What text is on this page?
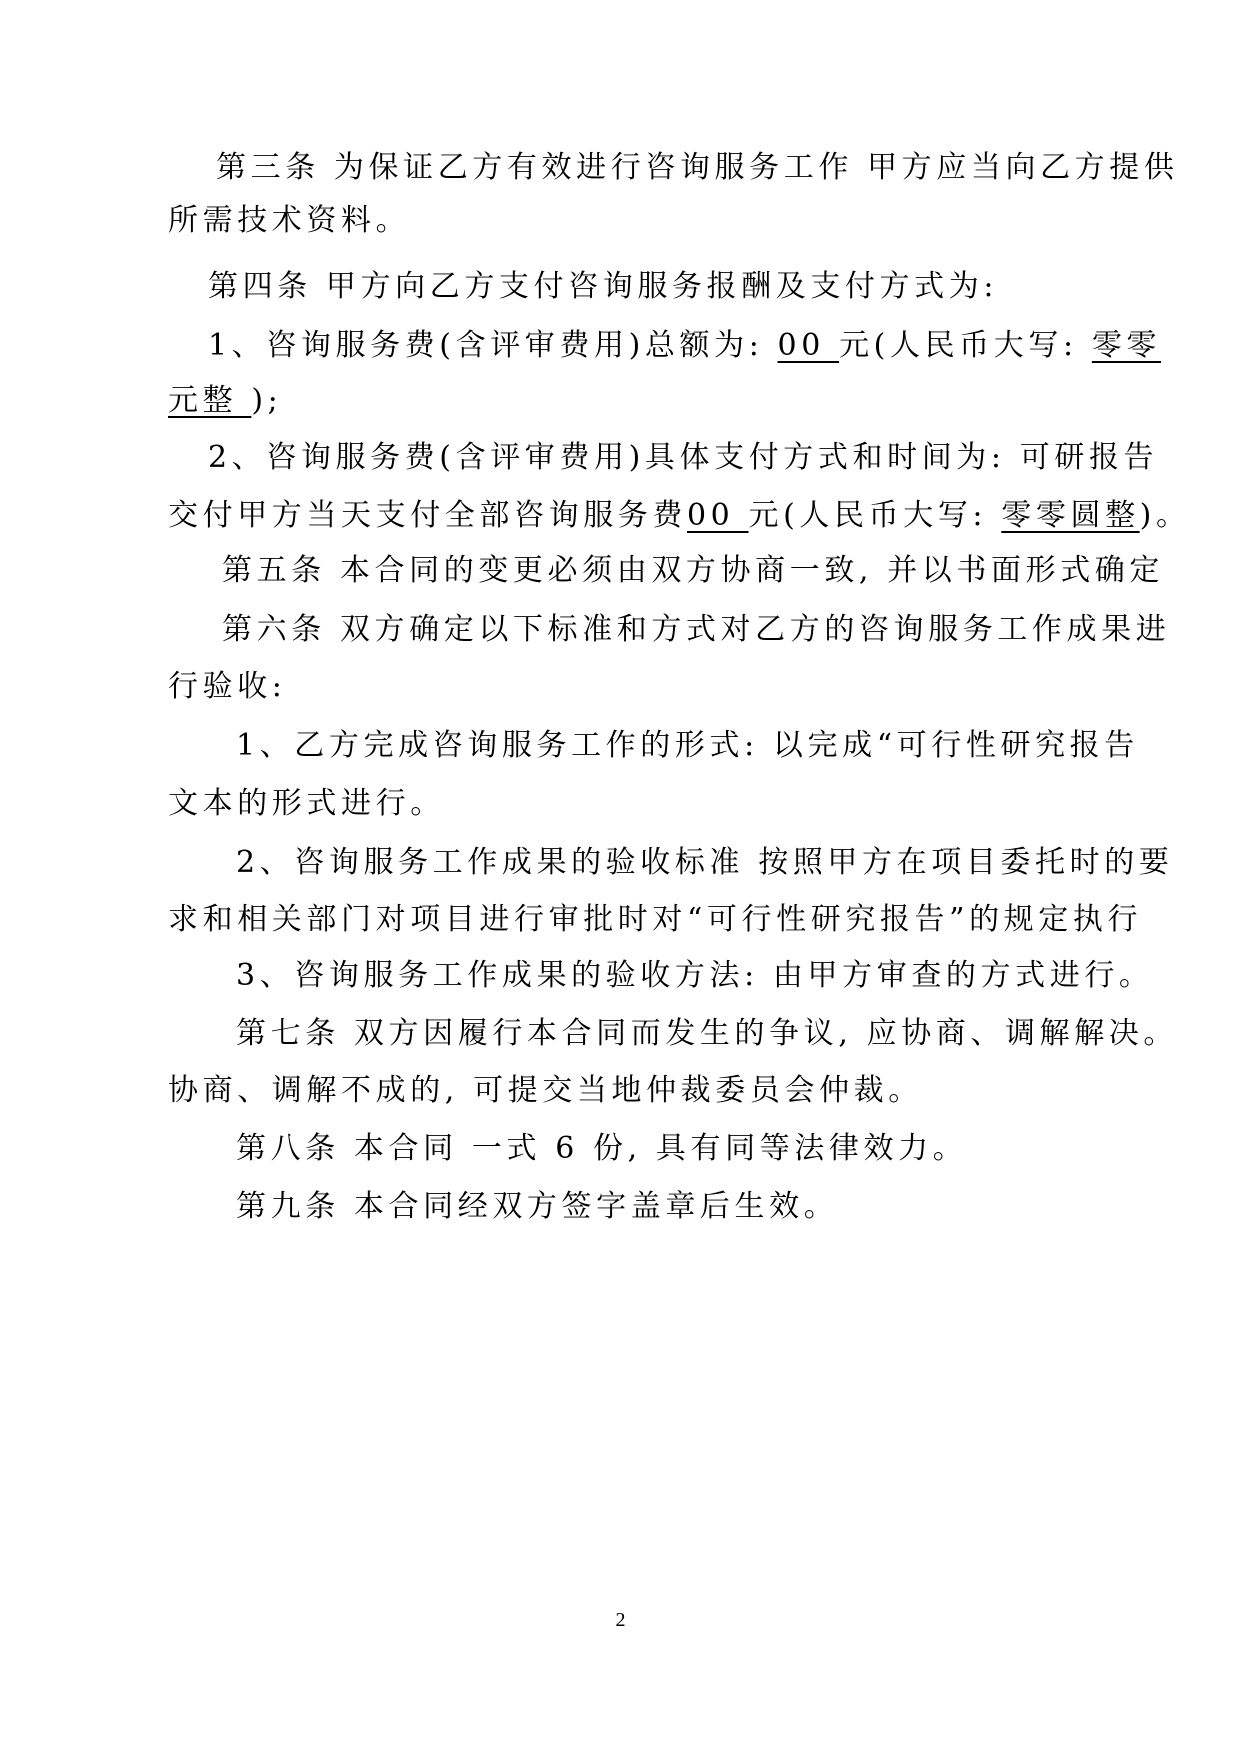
第三条 为保证乙方有效进行咨询服务工作 甲方应当向乙方提供

所需技术资料。

第四条 甲方向乙方支付咨询服务报酬及支付方式为:

1、咨询服务费(含评审费用)总额为: 00 元(人民币大写: 零零

元整 );

2、咨询服务费(含评审费用)具体支付方式和时间为: 可研报告

交付甲方当天支付全部咨询服务费00 元(人民币大写: 零零圆整)。

第五条 本合同的变更必须由双方协商一致, 并以书面形式确定

第六条 双方确定以下标准和方式对乙方的咨询服务工作成果进

行验收:

1、乙方完成咨询服务工作的形式: 以完成“可行性研究报告

文本的形式进行。

2、咨询服务工作成果的验收标准 按照甲方在项目委托时的要

求和相关部门对项目进行审批时对“可行性研究报告”的规定执行

3、咨询服务工作成果的验收方法: 由甲方审查的方式进行。

第七条 双方因履行本合同而发生的争议, 应协商、调解解决。

协商、调解不成的, 可提交当地仲裁委员会仲裁。

第八条 本合同 一式 6 份, 具有同等法律效力。

第九条 本合同经双方签字盖章后生效。

2
